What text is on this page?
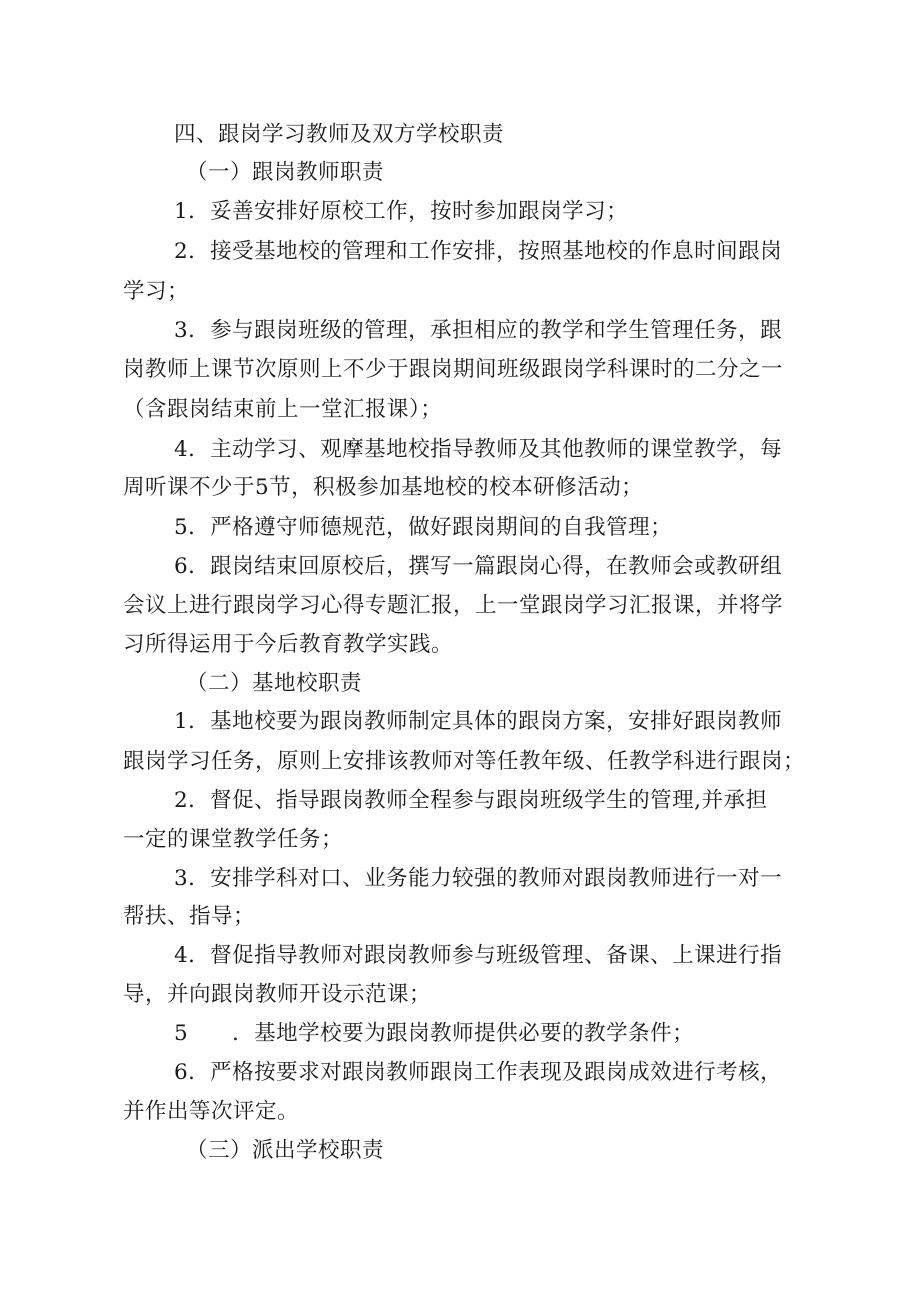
四、跟岗学习教师及双方学校职责
（一）跟岗教师职责
1．妥善安排好原校工作，按时参加跟岗学习；
2．接受基地校的管理和工作安排，按照基地校的作息时间跟岗
学习；
3．参与跟岗班级的管理，承担相应的教学和学生管理任务，跟
岗教师上课节次原则上不少于跟岗期间班级跟岗学科课时的二分之一
（含跟岗结束前上一堂汇报课）；
4．主动学习、观摩基地校指导教师及其他教师的课堂教学，每
周听课不少于5节，积极参加基地校的校本研修活动；
5．严格遵守师德规范，做好跟岗期间的自我管理；
6．跟岗结束回原校后，撰写一篇跟岗心得，在教师会或教研组
会议上进行跟岗学习心得专题汇报，上一堂跟岗学习汇报课，并将学
习所得运用于今后教育教学实践。
（二）基地校职责
1．基地校要为跟岗教师制定具体的跟岗方案，安排好跟岗教师
跟岗学习任务，原则上安排该教师对等任教年级、任教学科进行跟岗；
2．督促、指导跟岗教师全程参与跟岗班级学生的管理,并承担
一定的课堂教学任务；
3．安排学科对口、业务能力较强的教师对跟岗教师进行一对一
帮扶、指导；
4．督促指导教师对跟岗教师参与班级管理、备课、上课进行指
导，并向跟岗教师开设示范课；
5　　．基地学校要为跟岗教师提供必要的教学条件；
6．严格按要求对跟岗教师跟岗工作表现及跟岗成效进行考核，
并作出等次评定。
（三）派出学校职责
